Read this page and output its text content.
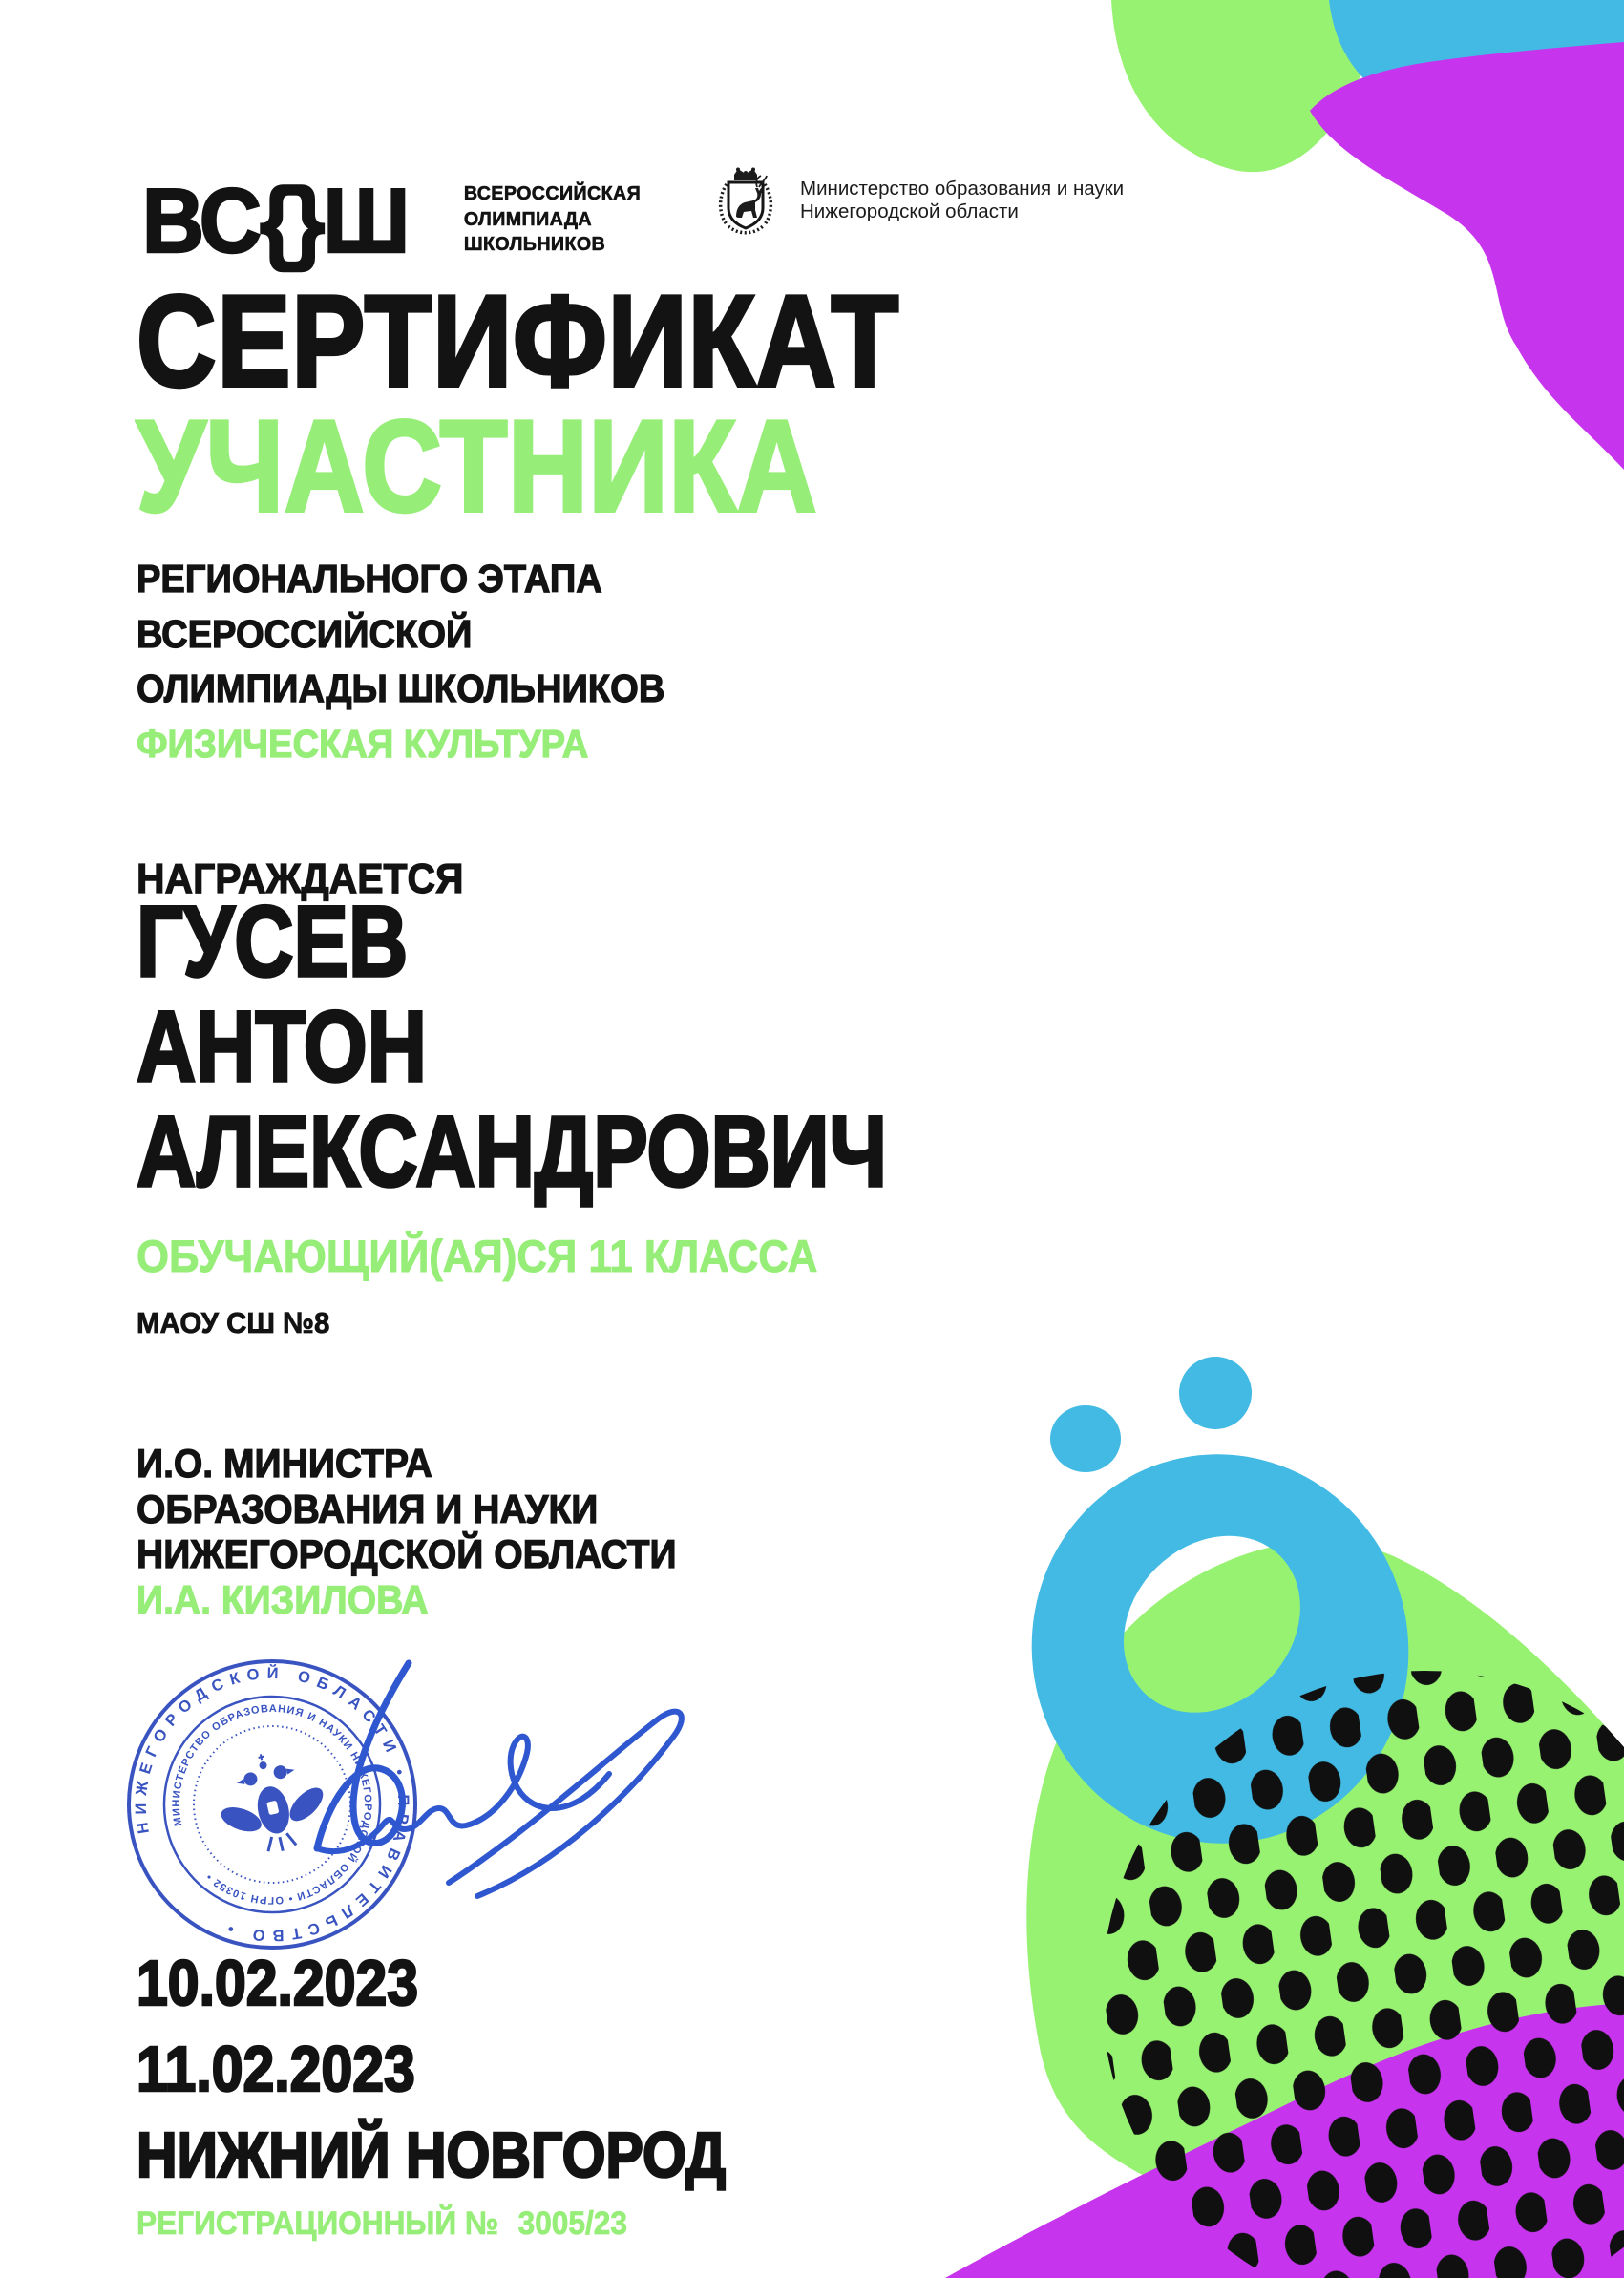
НИЖЕГОРОДСКОЙ ОБЛАСТИ • ПРАВИТЕЛЬСТВО •
МИНИСТЕРСТВО ОБРАЗОВАНИЯ И НАУКИ НИЖЕГОРОДСКОЙ ОБЛАСТИ • ОГРН 10352 •
ВС{}Ш	ВСЕРОССИЙСКАЯ
ОЛИМПИАДА
ШКОЛЬНИКОВ
Министерство образования и науки
Нижегородской области
СЕРТИФИКАТ
УЧАСТНИКА
РЕГИОНАЛЬНОГО ЭТАПА
ВСЕРОССИЙСКОЙ
ОЛИМПИАДЫ ШКОЛЬНИКОВ
ФИЗИЧЕСКАЯ КУЛЬТУРА
НАГРАЖДАЕТСЯ
ГУСЕВ
АНТОН
АЛЕКСАНДРОВИЧ
ОБУЧАЮЩИЙ(АЯ)СЯ 11 КЛАССА
МАОУ СШ №8
И.О. МИНИСТРА
ОБРАЗОВАНИЯ И НАУКИ
НИЖЕГОРОДСКОЙ ОБЛАСТИ
И.А. КИЗИЛОВА
10.02.2023
11.02.2023
НИЖНИЙ НОВГОРОД
РЕГИСТРАЦИОННЫЙ № 3005/23
